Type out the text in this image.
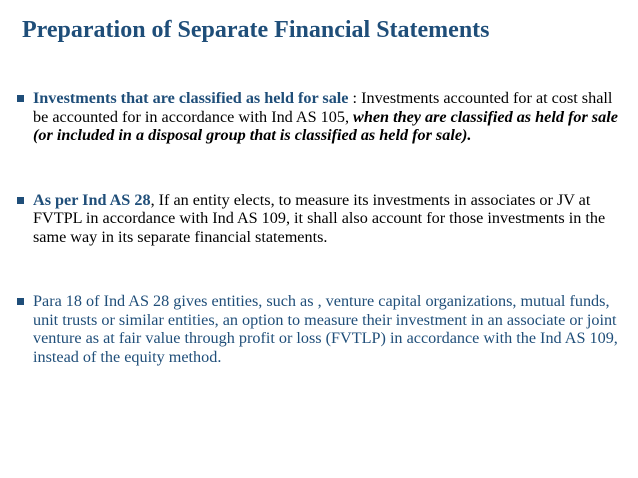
Preparation of Separate Financial Statements
Investments that are classified as held for sale : Investments accounted for at cost shall be accounted for in accordance with Ind AS 105, when they are classified as held for sale (or included in a disposal group that is classified as held for sale).
As per Ind AS 28, If an entity elects, to measure its investments in associates or JV at FVTPL in accordance with Ind AS 109, it shall also account for those investments in the same way in its separate financial statements.
Para 18 of Ind AS 28 gives entities, such as , venture capital organizations, mutual funds, unit trusts or similar entities, an option to measure their investment in an associate or joint venture as at fair value through profit or loss (FVTLP) in accordance with the Ind AS 109, instead of the equity method.
